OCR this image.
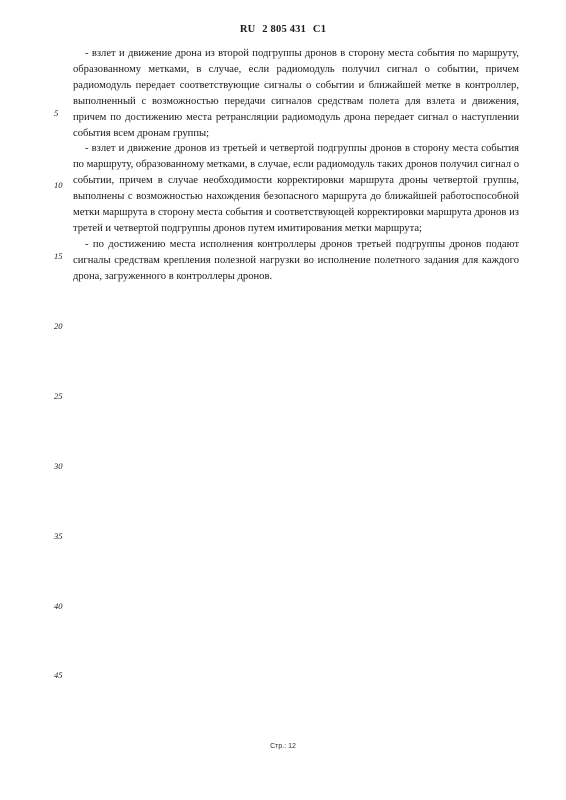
RU 2 805 431 C1

- взлет и движение дрона из второй подгруппы дронов в сторону места события по маршруту, образованному метками, в случае, если радиомодуль получил сигнал о событии, причем радиомодуль передает соответствующие сигналы о событии и ближайшей метке в контроллер, выполненный с возможностью передачи сигналов средствам полета для взлета и движения, причем по достижению места ретрансляции радиомодуль дрона передает сигнал о наступлении события всем дронам группы;

- взлет и движение дронов из третьей и четвертой подгруппы дронов в сторону места события по маршруту, образованному метками, в случае, если радиомодуль таких дронов получил сигнал о событии, причем в случае необходимости корректировки маршрута дроны четвертой группы, выполнены с возможностью нахождения безопасного маршрута до ближайшей работоспособной метки маршрута в сторону места события и соответствующей корректировки маршрута дронов из третей и четвертой подгруппы дронов путем имитирования метки маршрута;

- по достижению места исполнения контроллеры дронов третьей подгруппы дронов подают сигналы средствам крепления полезной нагрузки во исполнение полетного задания для каждого дрона, загруженного в контроллеры дронов.

5
10
15
20
25
30
35
40
45
Стр.: 12
